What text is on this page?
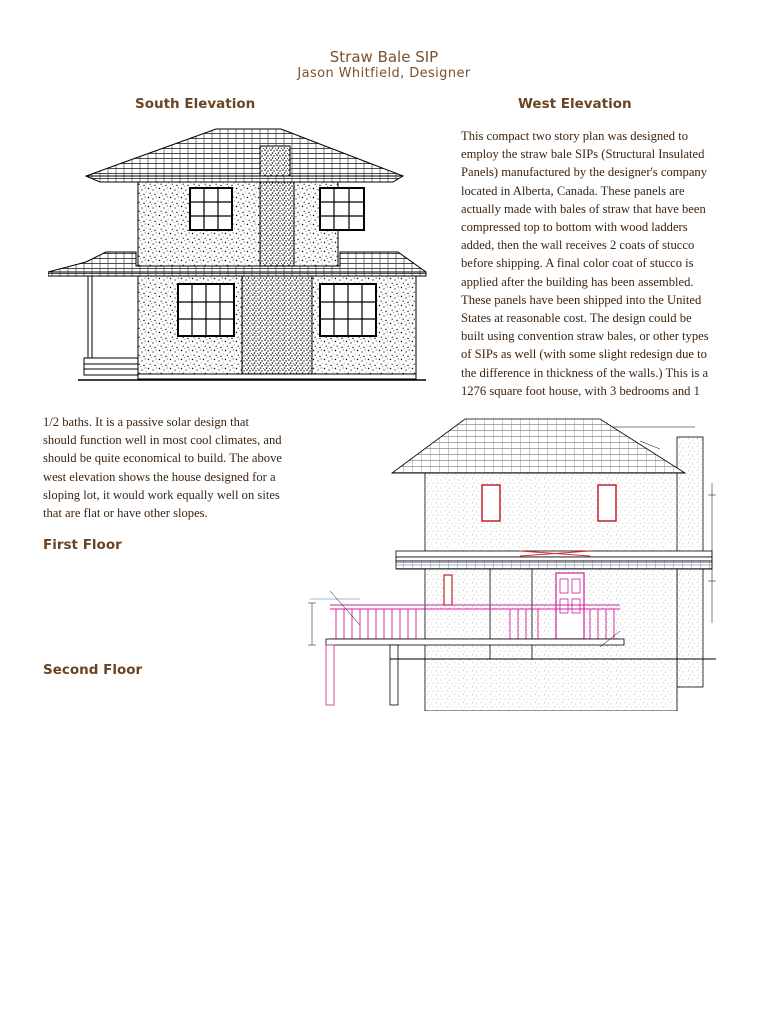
Straw Bale SIP
Jason Whitfield, Designer
South Elevation	West Elevation
This compact two story plan was designed to
employ the straw bale SIPs (Structural Insulated
Panels) manufactured by the designer's company
located in Alberta, Canada. These panels are
actually made with bales of straw that have been
compressed top to bottom with wood ladders
added, then the wall receives 2 coats of stucco
before shipping. A final color coat of stucco is
applied after the building has been assembled.
These panels have been shipped into the United
States at reasonable cost. The design could be
built using convention straw bales, or other types
of SIPs as well (with some slight redesign due to
the difference in thickness of the walls.) This is a
1276 square foot house, with 3 bedrooms and 1
1/2 baths. It is a passive solar design that
should function well in most cool climates, and
should be quite economical to build. The above
west elevation shows the house designed for a
sloping lot, it would work equally well on sites
that are flat or have other slopes.
First Floor
Second Floor
